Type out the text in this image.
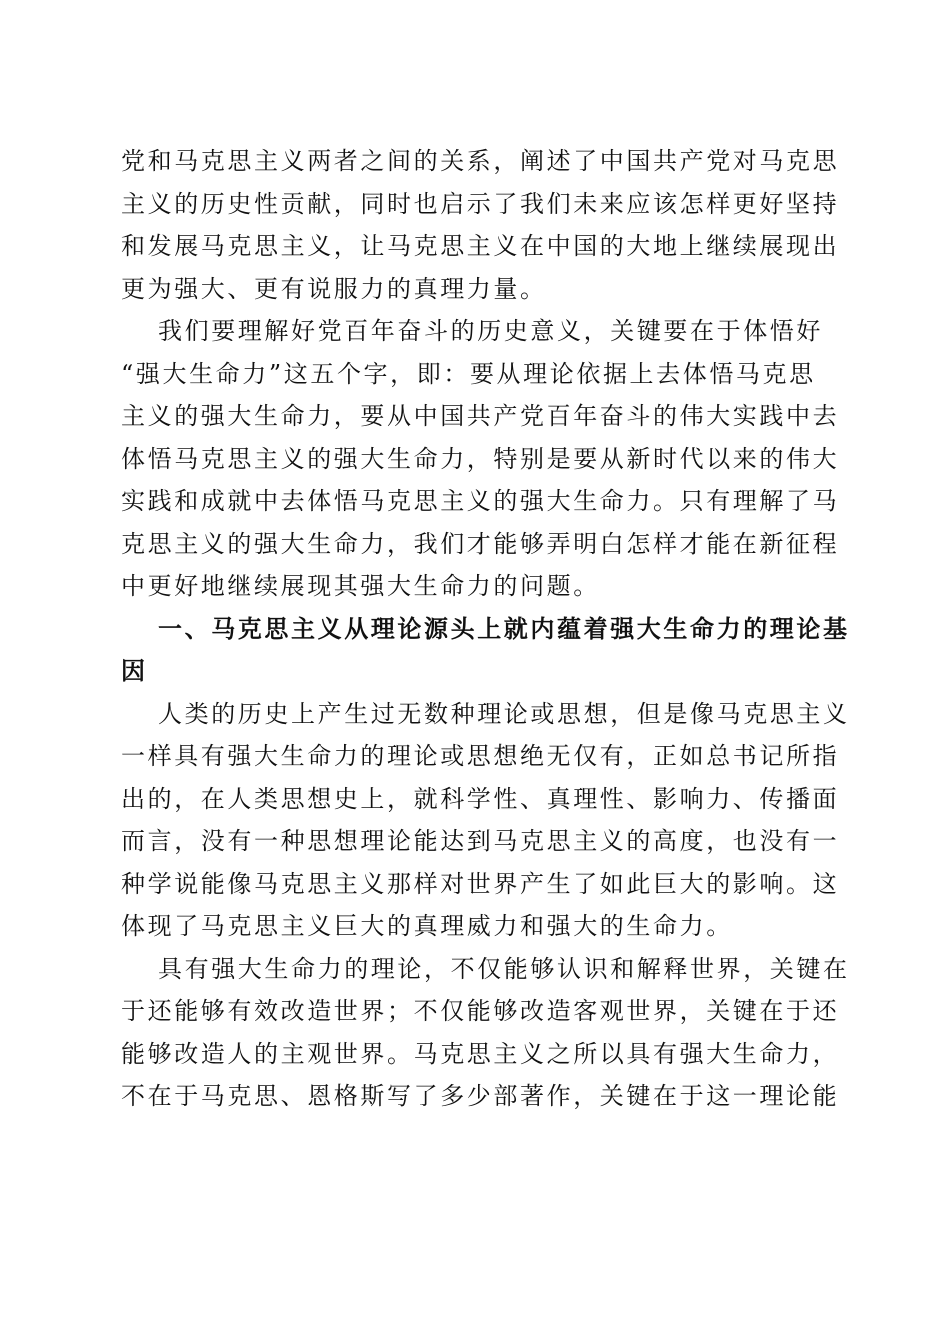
党和马克思主义两者之间的关系，阐述了中国共产党对马克思
主义的历史性贡献，同时也启示了我们未来应该怎样更好坚持
和发展马克思主义，让马克思主义在中国的大地上继续展现出
更为强大、更有说服力的真理力量。

我们要理解好党百年奋斗的历史意义，关键要在于体悟好
“强大生命力”这五个字，即：要从理论依据上去体悟马克思
主义的强大生命力，要从中国共产党百年奋斗的伟大实践中去
体悟马克思主义的强大生命力，特别是要从新时代以来的伟大
实践和成就中去体悟马克思主义的强大生命力。只有理解了马
克思主义的强大生命力，我们才能够弄明白怎样才能在新征程
中更好地继续展现其强大生命力的问题。

一、马克思主义从理论源头上就内蕴着强大生命力的理论基
因

人类的历史上产生过无数种理论或思想，但是像马克思主义
一样具有强大生命力的理论或思想绝无仅有，正如总书记所指
出的，在人类思想史上，就科学性、真理性、影响力、传播面
而言，没有一种思想理论能达到马克思主义的高度，也没有一
种学说能像马克思主义那样对世界产生了如此巨大的影响。这
体现了马克思主义巨大的真理威力和强大的生命力。

具有强大生命力的理论，不仅能够认识和解释世界，关键在
于还能够有效改造世界；不仅能够改造客观世界，关键在于还
能够改造人的主观世界。马克思主义之所以具有强大生命力，
不在于马克思、恩格斯写了多少部著作，关键在于这一理论能
